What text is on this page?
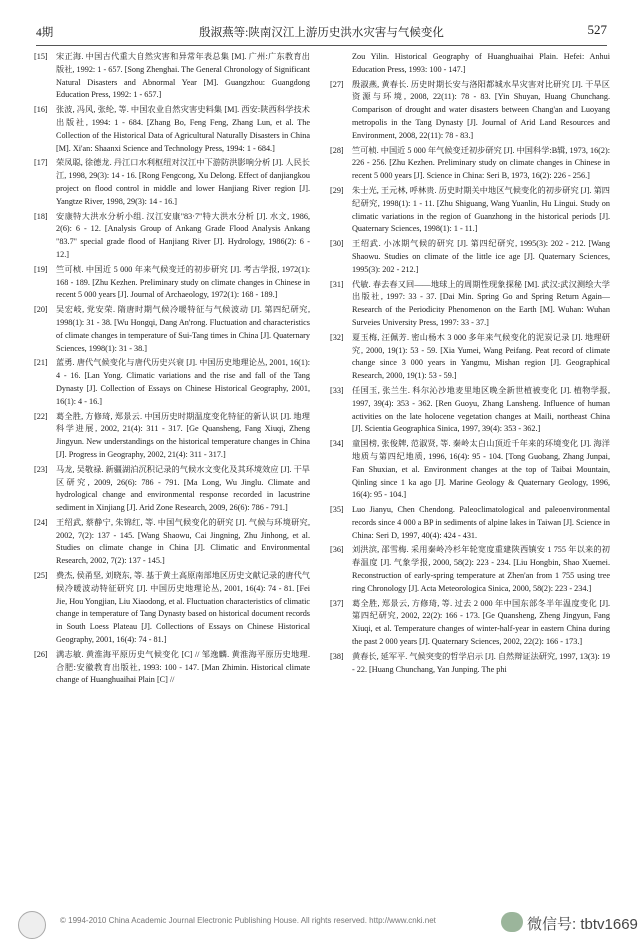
4期	殷淑燕等:陕南汉江上游历史洪水灾害与气候变化	527
[15] 宋正海. 中国古代重大自然灾害和异常年表总集 [M]. 广州:广东教育出版社, 1992: 1 - 657. [Song Zhenghai. The General Chronology of Significant Natural Disasters and Abnormal Year [M]. Guangzhou: Guangdong Education Press, 1992: 1 - 657.]
[16] 张波, 冯风, 张纶, 等. 中国农业自然灾害史料集 [M]. 西安:陕西科学技术出版社, 1994: 1 - 684. [Zhang Bo, Feng Feng, Zhang Lun, et al. The Collection of the Historical Data of Agricultural Naturally Disasters in China [M]. Xi'an: Shaanxi Science and Technology Press, 1994: 1 - 684.]
[17] 荣凤聪, 徐德龙. 丹江口水利枢纽对汉江中下游防洪影响分析 [J]. 人民长江, 1998, 29(3): 14 - 16. [Rong Fengcong, Xu Delong. Effect of danjiangkou project on flood control in middle and lower Hanjiang River region [J]. Yangtze River, 1998, 29(3): 14 - 16.]
[18] 安康特大洪水分析小组. 汉江安康"83·7"特大洪水分析 [J]. 水文, 1986, 2(6): 6 - 12. [Analysis Group of Ankang Grade Flood Analysis Ankang "83.7" special grade flood of Hanjiang River [J]. Hydrology, 1986(2): 6 - 12.]
[19] 竺可桢. 中国近 5 000 年来气候变迁的初步研究 [J]. 考古学报, 1972(1): 168 - 189. [Zhu Kezhen. Preliminary study on climate changes in Chinese in recent 5 000 years [J]. Journal of Archaeology, 1972(1): 168 - 189.]
[20] 吴宏岐, 党安荣. 隋唐时期气候冷暖特征与气候波动 [J]. 第四纪研究, 1998(1): 31 - 38. [Wu Hongqi, Dang An'rong. Fluctuation and characteristics of climate changes in temperature of Sui-Tang times in China [J]. Quaternary Sciences, 1998(1): 31 - 38.]
[21] 蓝勇. 唐代气候变化与唐代历史兴衰 [J]. 中国历史地理论丛, 2001, 16(1): 4 - 16. [Lan Yong. Climatic variations and the rise and fall of the Tang Dynasty [J]. Collection of Essays on Chinese Historical Geography, 2001, 16(1): 4 - 16.]
[22] 葛全胜, 方修琦, 郑景云. 中国历史时期温度变化特征的新认识 [J]. 地理科学进展, 2002, 21(4): 311 - 317. [Ge Quansheng, Fang Xiuqi, Zheng Jingyun. New understandings on the historical temperature changes in China [J]. Progress in Geography, 2002, 21(4): 311 - 317.]
[23] 马龙, 吴敬禄. 新疆湖泊沉积记录的气候水文变化及其环境效应 [J]. 干旱区研究, 2009, 26(6): 786 - 791. [Ma Long, Wu Jinglu. Climate and hydrological change and environmental response recorded in lacustrine sediment in Xinjiang [J]. Arid Zone Research, 2009, 26(6): 786 - 791.]
[24] 王绍武, 蔡静宁, 朱锦红, 等. 中国气候变化的研究 [J]. 气候与环境研究, 2002, 7(2): 137 - 145. [Wang Shaowu, Cai Jingning, Zhu Jinhong, et al. Studies on climate change in China [J]. Climatic and Environmental Research, 2002, 7(2): 137 - 145.]
[25] 费杰, 侯甬坚, 刘晓东, 等. 基于黄土高原南部地区历史文献记录的唐代气候冷暖波动特征研究 [J]. 中国历史地理论丛, 2001, 16(4): 74 - 81. [Fei Jie, Hou Yongjian, Liu Xiaodong, et al. Fluctuation characteristics of climatic change in temperature of Tang Dynasty based on historical document records in South Loess Plateau [J]. Collections of Essays on Chinese Historical Geography, 2001, 16(4): 74 - 81.]
[26] 满志敏. 黄淮海平原历史气候变化 [C] // 邹逸麟. 黄淮海平原历史地理. 合肥:安徽教育出版社, 1993: 100 - 147. [Man Zhimin. Historical climate change of Huanghuaihai Plain [C] //
Zou Yilin. Historical Geography of Huanghuaihai Plain. Hefei: Anhui Education Press, 1993: 100 - 147.]
[27] 殷淑燕, 黄春长. 历史时期长安与洛阳都城水旱灾害对比研究 [J]. 干旱区资源与环境, 2008, 22(11): 78 - 83. [Yin Shuyan, Huang Chunchang. Comparison of drought and water disasters between Chang'an and Luoyang metropolis in the Tang Dynasty [J]. Journal of Arid Land Resources and Environment, 2008, 22(11): 78 - 83.]
[28] 竺可桢. 中国近 5 000 年气候变迁初步研究 [J]. 中国科学:B辑, 1973, 16(2): 226 - 256. [Zhu Kezhen. Preliminary study on climate changes in Chinese in recent 5 000 years [J]. Science in China: Seri B, 1973, 16(2): 226 - 256.]
[29] 朱士光, 王元林, 呼林贵. 历史时期关中地区气候变化的初步研究 [J]. 第四纪研究, 1998(1): 1 - 11. [Zhu Shiguang, Wang Yuanlin, Hu Lingui. Study on climatic variations in the region of Guanzhong in the historical periods [J]. Quaternary Sciences, 1998(1): 1 - 11.]
[30] 王绍武. 小冰期气候的研究 [J]. 第四纪研究, 1995(3): 202 - 212. [Wang Shaowu. Studies on climate of the little ice age [J]. Quaternary Sciences, 1995(3): 202 - 212.]
[31] 代敏. 春去春又回——地球上的周期性现象探秘 [M]. 武汉:武汉测绘大学出版社, 1997: 33 - 37. [Dai Min. Spring Go and Spring Return Again—Research of the Periodicity Phenomenon on the Earth [M]. Wuhan: Wuhan Surveies University Press, 1997: 33 - 37.]
[32] 夏玉梅, 汪佩芳. 密山杨木 3 000 多年来气候变化的泥炭记录 [J]. 地理研究, 2000, 19(1): 53 - 59. [Xia Yumei, Wang Peifang. Peat record of climate change since 3 000 years in Yangmu, Mishan region [J]. Geographical Research, 2000, 19(1): 53 - 59.]
[33] 任国玉, 张兰生. 科尔沁沙地麦里地区晚全新世植被变化 [J]. 植物学报, 1997, 39(4): 353 - 362. [Ren Guoyu, Zhang Lansheng. Influence of human activities on the late holocene vegetation changes at Maili, northeast China [J]. Scientia Geographica Sinica, 1997, 39(4): 353 - 362.]
[34] 童国榜, 张俊牌, 范淑贤, 等. 秦岭太白山顶近千年来的环境变化 [J]. 海洋地质与第四纪地质, 1996, 16(4): 95 - 104. [Tong Guobang, Zhang Junpai, Fan Shuxian, et al. Environment changes at the top of Taibai Mountain, Qinling since 1 ka ago [J]. Marine Geology & Quaternary Geology, 1996, 16(4): 95 - 104.]
[35] Luo Jianyu, Chen Chendong. Paleoclimatological and paleoenvironmental records since 4 000 a BP in sediments of alpine lakes in Taiwan [J]. Science in China: Seri D, 1997, 40(4): 424 - 431.
[36] 刘洪滨, 邵雪梅. 采用秦岭冷杉年轮宽度重建陕西镇安 1 755 年以来的初春温度 [J]. 气象学报, 2000, 58(2): 223 - 234. [Liu Hongbin, Shao Xuemei. Reconstruction of early-spring temperature at Zhen'an from 1 755 using tree ring Chronology [J]. Acta Meteorologica Sinica, 2000, 58(2): 223 - 234.]
[37] 葛全胜, 郑景云, 方修琦, 等. 过去 2 000 年中国东部冬半年温度变化 [J]. 第四纪研究, 2002, 22(2): 166 - 173. [Ge Quansheng, Zheng Jingyun, Fang Xiuqi, et al. Temperature changes of winter-half-year in eastern China during the past 2 000 years [J]. Quaternary Sciences, 2002, 22(2): 166 - 173.]
[38] 黄春长, 延军平. 气候突变的哲学启示 [J]. 自然辩证法研究, 1997, 13(3): 19 - 22. [Huang Chunchang, Yan Junping. The phi
© 1994-2010 China Academic Journal Electronic Publishing House. All rights reserved. http://www.cnki.net	微信号: tbtv1669
